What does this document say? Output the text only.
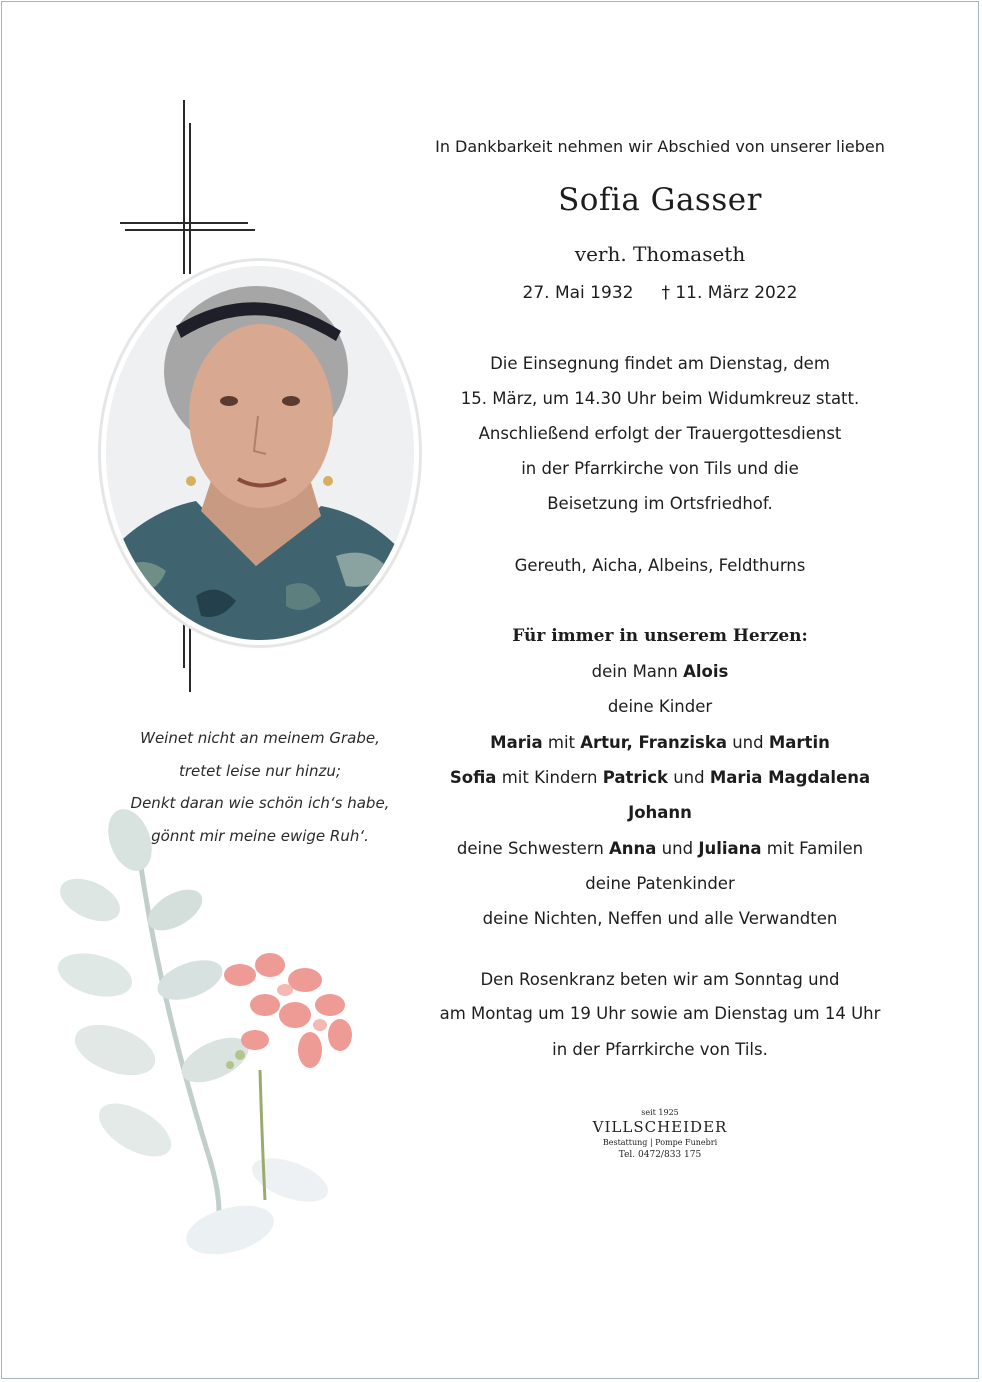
Weinet nicht an meinem Grabe,
tretet leise nur hinzu;
Denkt daran wie schön ich‘s habe,
gönnt mir meine ewige Ruh‘.
In Dankbarkeit nehmen wir Abschied von unserer lieben
Sofia Gasser
verh. Thomaseth
27. Mai 1932 † 11. März 2022
Die Einsegnung findet am Dienstag, dem
15. März, um 14.30 Uhr beim Widumkreuz statt.
Anschließend erfolgt der Trauergottesdienst
in der Pfarrkirche von Tils und die
Beisetzung im Ortsfriedhof.
Gereuth, Aicha, Albeins, Feldthurns
Für immer in unserem Herzen:
dein Mann Alois
deine Kinder
Maria mit Artur, Franziska und Martin
Sofia mit Kindern Patrick und Maria Magdalena
Johann
deine Schwestern Anna und Juliana mit Familen
deine Patenkinder
deine Nichten, Neffen und alle Verwandten
Den Rosenkranz beten wir am Sonntag und
am Montag um 19 Uhr sowie am Dienstag um 14 Uhr
in der Pfarrkirche von Tils.
seit 1925
VILLSCHEIDER
Bestattung | Pompe Funebri
Tel. 0472/833 175
